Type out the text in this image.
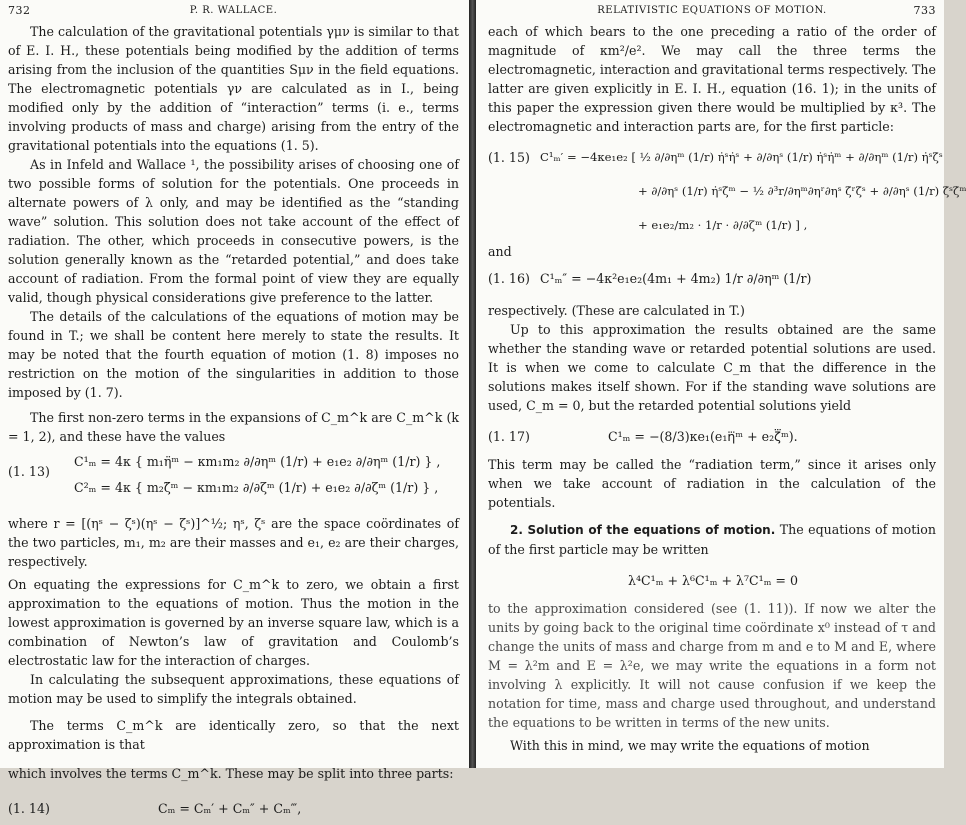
732	P. R. WALLACE.

The calculation of the gravitational potentials γμν is similar to that of E. I. H., these potentials being modified by the addition of terms arising from the inclusion of the quantities Sμν in the field equations. The electromagnetic potentials γν are calculated as in I., being modified only by the addition of “interaction” terms (i. e., terms involving products of mass and charge) arising from the entry of the gravitational potentials into the equations (1. 5).

As in Infeld and Wallace ¹, the possibility arises of choosing one of two possible forms of solution for the potentials. One proceeds in alternate powers of λ only, and may be identified as the “standing wave” solution. This solution does not take account of the effect of radiation. The other, which proceeds in consecutive powers, is the solution generally known as the “retarded potential,” and does take account of radiation. From the formal point of view they are equally valid, though physical considerations give preference to the latter.

The details of the calculations of the equations of motion may be found in T.; we shall be content here merely to state the results. It may be noted that the fourth equation of motion (1. 8) imposes no restriction on the motion of the singularities in addition to those imposed by (1. 7).

The first non-zero terms in the expansions of C_m^k are C_m^k (k = 1, 2), and these have the values

(1. 13)
C¹ₘ = 4κ { m₁η̈ᵐ − κm₁m₂ ∂/∂ηᵐ (1/r) + e₁e₂ ∂/∂ηᵐ (1/r) } ,
C²ₘ = 4κ { m₂ζ̈ᵐ − κm₁m₂ ∂/∂ζᵐ (1/r) + e₁e₂ ∂/∂ζᵐ (1/r) } ,

where r = [(ηˢ − ζˢ)(ηˢ − ζˢ)]^½; ηˢ, ζˢ are the space coördinates of the two particles, m₁, m₂ are their masses and e₁, e₂ are their charges, respectively.

On equating the expressions for C_m^k to zero, we obtain a first approximation to the equations of motion. Thus the motion in the lowest approximation is governed by an inverse square law, which is a combination of Newton’s law of gravitation and Coulomb’s electrostatic law for the interaction of charges.

In calculating the subsequent approximations, these equations of motion may be used to simplify the integrals obtained.

The terms C_m^k are identically zero, so that the next approximation is that

which involves the terms C_m^k. These may be split into three parts:

(1. 14)	Cₘ = Cₘ′ + Cₘ″ + Cₘ‴,
RELATIVISTIC EQUATIONS OF MOTION.	733

each of which bears to the one preceding a ratio of the order of magnitude of κm²/e². We may call the three terms the electromagnetic, interaction and gravitational terms respectively. The latter are given explicitly in E. I. H., equation (16. 1); in the units of this paper the expression given there would be multiplied by κ³. The electromagnetic and interaction parts are, for the first particle:

(1. 15) C¹ₘ′ = −4κe₁e₂ [ ½ ∂/∂ηᵐ (1/r) η̇ˢη̇ˢ + ∂/∂ηˢ (1/r) η̇ˢη̇ᵐ + ∂/∂ηᵐ (1/r) η̇ˢζ̇ˢ
+ ∂/∂ηˢ (1/r) η̇ˢζ̇ᵐ − ½ ∂³r/∂ηᵐ∂ηʳ∂ηˢ ζ̇ʳζ̇ˢ + ∂/∂ηˢ (1/r) ζ̇ˢζ̇ᵐ
+ e₁e₂/m₂ · 1/r · ∂/∂ζᵐ (1/r) ] ,

and

(1. 16) C¹ₘ″ = −4κ²e₁e₂(4m₁ + 4m₂) 1/r ∂/∂ηᵐ (1/r)

respectively. (These are calculated in T.)

Up to this approximation the results obtained are the same whether the standing wave or retarded potential solutions are used. It is when we come to calculate C_m that the difference in the solutions makes itself shown. For if the standing wave solutions are used, C_m = 0, but the retarded potential solutions yield

(1. 17)	C¹ₘ = −(8/3)κe₁(e₁η⃛ᵐ + e₂ζ⃛ᵐ).

This term may be called the “radiation term,” since it arises only when we take account of radiation in the calculation of the potentials.

2. Solution of the equations of motion. The equations of motion of the first particle may be written

λ⁴C¹ₘ + λ⁶C¹ₘ + λ⁷C¹ₘ = 0

to the approximation considered (see (1. 11)). If now we alter the units by going back to the original time coördinate x⁰ instead of τ and change the units of mass and charge from m and e to M and E, where M = λ²m and E = λ²e, we may write the equations in a form not involving λ explicitly. It will not cause confusion if we keep the notation for time, mass and charge used throughout, and understand the equations to be written in terms of the new units.

With this in mind, we may write the equations of motion
